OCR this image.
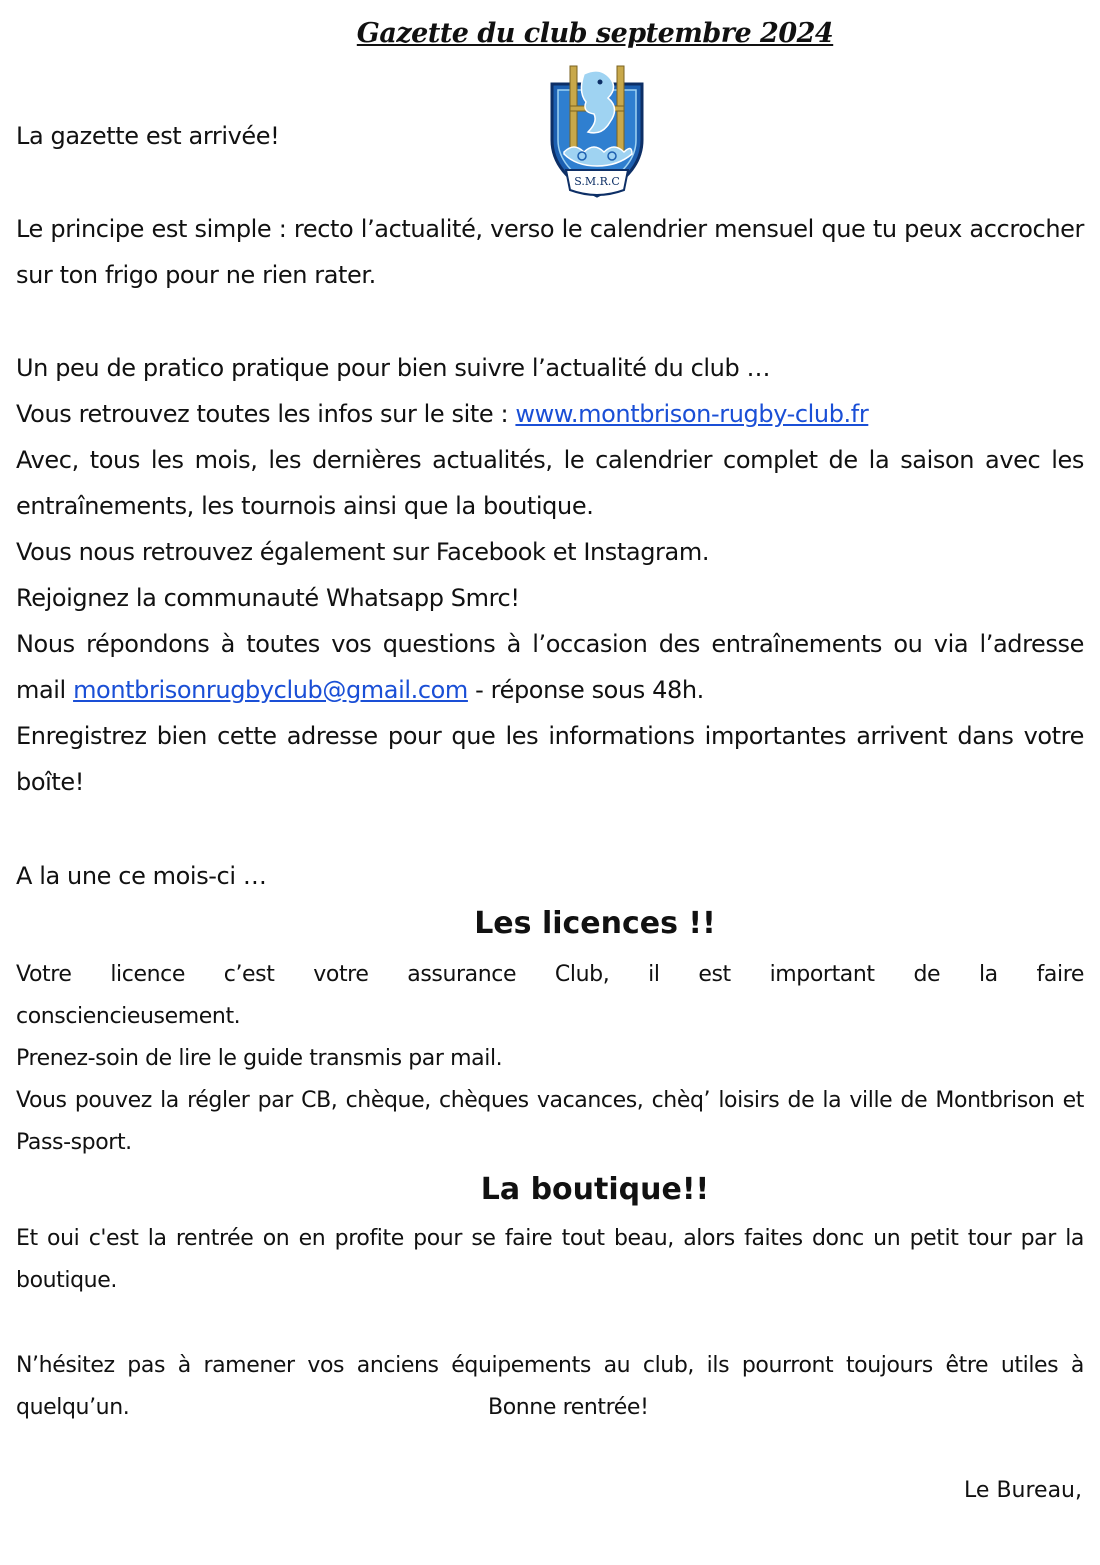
Gazette du club septembre 2024
S.M.R.C

La gazette est arrivée!

Le principe est simple : recto l’actualité, verso le calendrier mensuel que tu peux accrocher sur ton frigo pour ne rien rater.

Un peu de pratico pratique pour bien suivre l’actualité du club …

Vous retrouvez toutes les infos sur le site : www.montbrison-rugby-club.fr

Avec, tous les mois, les dernières actualités, le calendrier complet de la saison avec les entraînements, les tournois ainsi que la boutique.

Vous nous retrouvez également sur Facebook et Instagram.

Rejoignez la communauté Whatsapp Smrc!

Nous répondons à toutes vos questions à l’occasion des entraînements ou via l’adresse mail montbrisonrugbyclub@gmail.com - réponse sous 48h.

Enregistrez bien cette adresse pour que les informations importantes arrivent dans votre boîte!

A la une ce mois-ci …

Les licences !!

Votre licence c’est votre assurance Club, il est important de la faire consciencieusement.

Prenez-soin de lire le guide transmis par mail.

Vous pouvez la régler par CB, chèque, chèques vacances, chèq’ loisirs de la ville de Montbrison et Pass-sport.

La boutique!!

Et oui c'est la rentrée on en profite pour se faire tout beau, alors faites donc un petit tour par la boutique.

N’hésitez pas à ramener vos anciens équipements au club, ils pourront toujours être utiles à quelqu’un.	Bonne rentrée!

Le Bureau,
